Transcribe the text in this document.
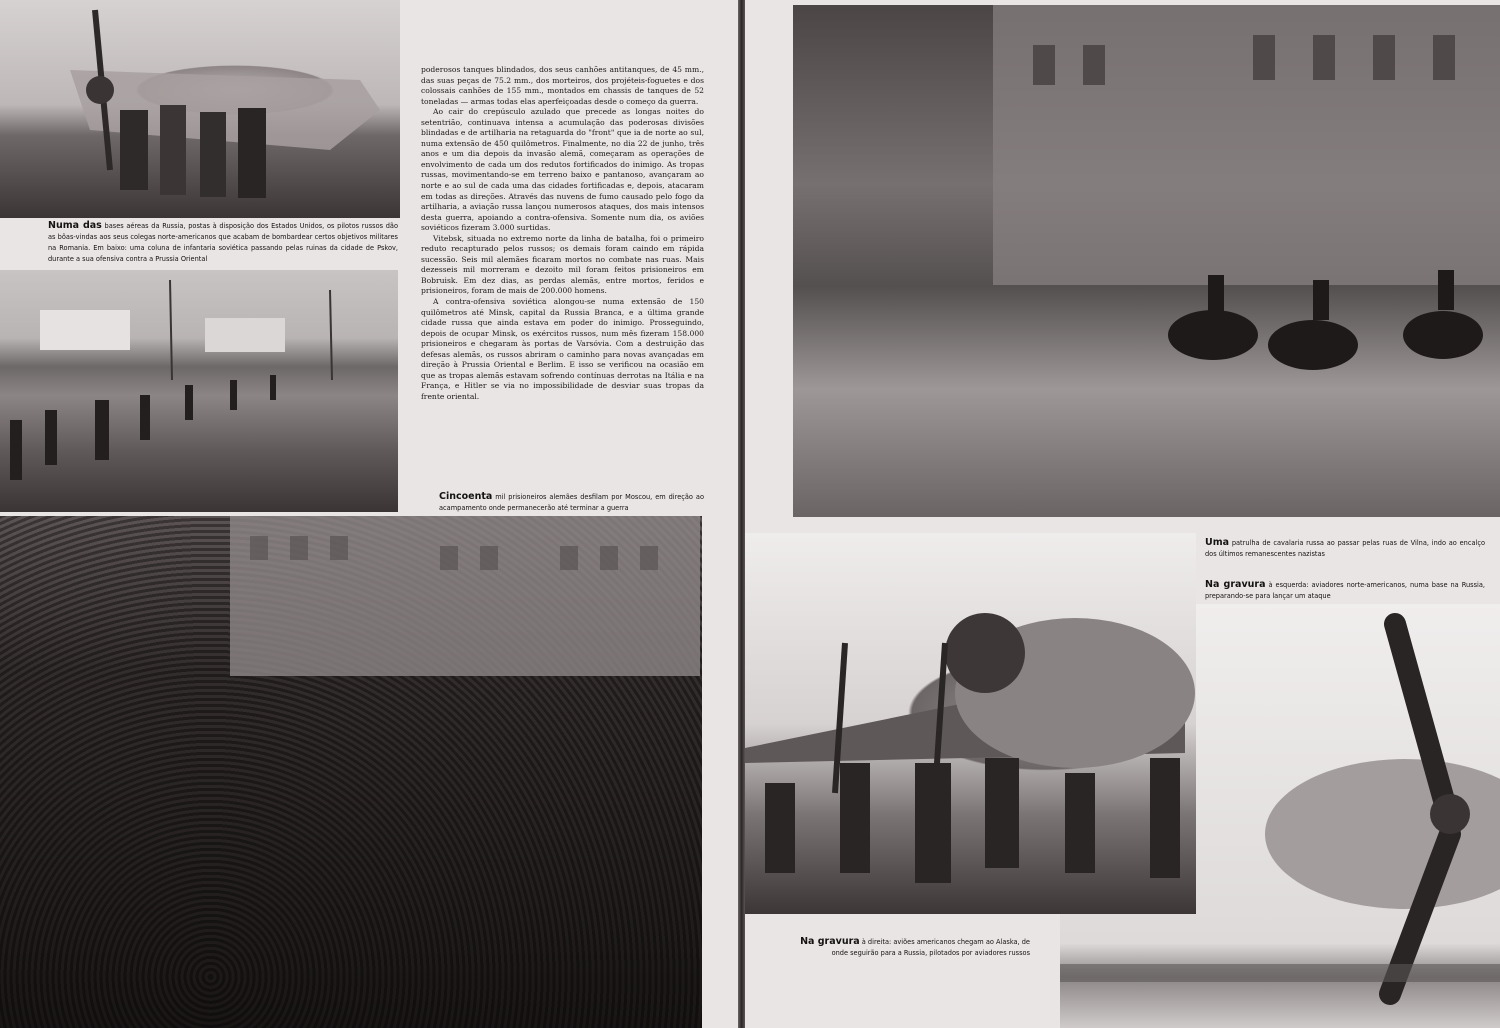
Numa das bases aéreas da Russia, postas à disposição dos Estados Unidos, os pilotos russos dão as bôas-vindas aos seus colegas norte-americanos que acabam de bombardear certos objetivos militares na Romania. Em baixo: uma coluna de infantaria soviética passando pelas ruinas da cidade de Pskov, durante a sua ofensiva contra a Prussia Oriental

poderosos tanques blindados, dos seus canhões antitanques, de 45 mm., das suas peças de 75.2 mm., dos morteiros, dos projéteis-foguetes e dos colossais canhões de 155 mm., montados em chassis de tanques de 52 toneladas — armas todas elas aperfeiçoadas desde o começo da guerra.

Ao cair do crepúsculo azulado que precede as longas noites do setentrião, continuava intensa a acumulação das poderosas divisões blindadas e de artilharia na retaguarda do "front" que ia de norte ao sul, numa extensão de 450 quilômetros. Finalmente, no dia 22 de junho, três anos e um dia depois da invasão alemã, começaram as operações de envolvimento de cada um dos redutos fortificados do inimigo. As tropas russas, movimentando-se em terreno baixo e pantanoso, avançaram ao norte e ao sul de cada uma das cidades fortificadas e, depois, atacaram em todas as direções. Através das nuvens de fumo causado pelo fogo da artilharia, a aviação russa lançou numerosos ataques, dos mais intensos desta guerra, apoiando a contra-ofensiva. Somente num dia, os aviões soviéticos fizeram 3.000 surtidas.

Vitebsk, situada no extremo norte da linha de batalha, foi o primeiro reduto recapturado pelos russos; os demais foram caindo em rápida sucessão. Seis mil alemães ficaram mortos no combate nas ruas. Mais dezesseis mil morreram e dezoito mil foram feitos prisioneiros em Bobruisk. Em dez dias, as perdas alemãs, entre mortos, feridos e prisioneiros, foram de mais de 200.000 homens.

A contra-ofensiva soviética alongou-se numa extensão de 150 quilômetros até Minsk, capital da Russia Branca, e a última grande cidade russa que ainda estava em poder do inimigo. Prosseguindo, depois de ocupar Minsk, os exércitos russos, num mês fizeram 158.000 prisioneiros e chegaram às portas de Varsóvia. Com a destruição das defesas alemãs, os russos abriram o caminho para novas avançadas em direção à Prussia Oriental e Berlim. E isso se verificou na ocasião em que as tropas alemãs estavam sofrendo contínuas derrotas na Itália e na França, e Hitler se via no impossibilidade de desviar suas tropas da frente oriental.

Cincoenta mil prisioneiros alemães desfilam por Moscou, em direção ao acampamento onde permanecerão até terminar a guerra
Uma patrulha de cavalaria russa ao passar pelas ruas de Vilna, indo ao encalço dos últimos remanescentes nazistas
Na gravura à esquerda: aviadores norte-americanos, numa base na Russia, preparando-se para lançar um ataque
Na gravura à direita: aviões americanos chegam ao Alaska, de onde seguirão para a Russia, pilotados por aviadores russos
